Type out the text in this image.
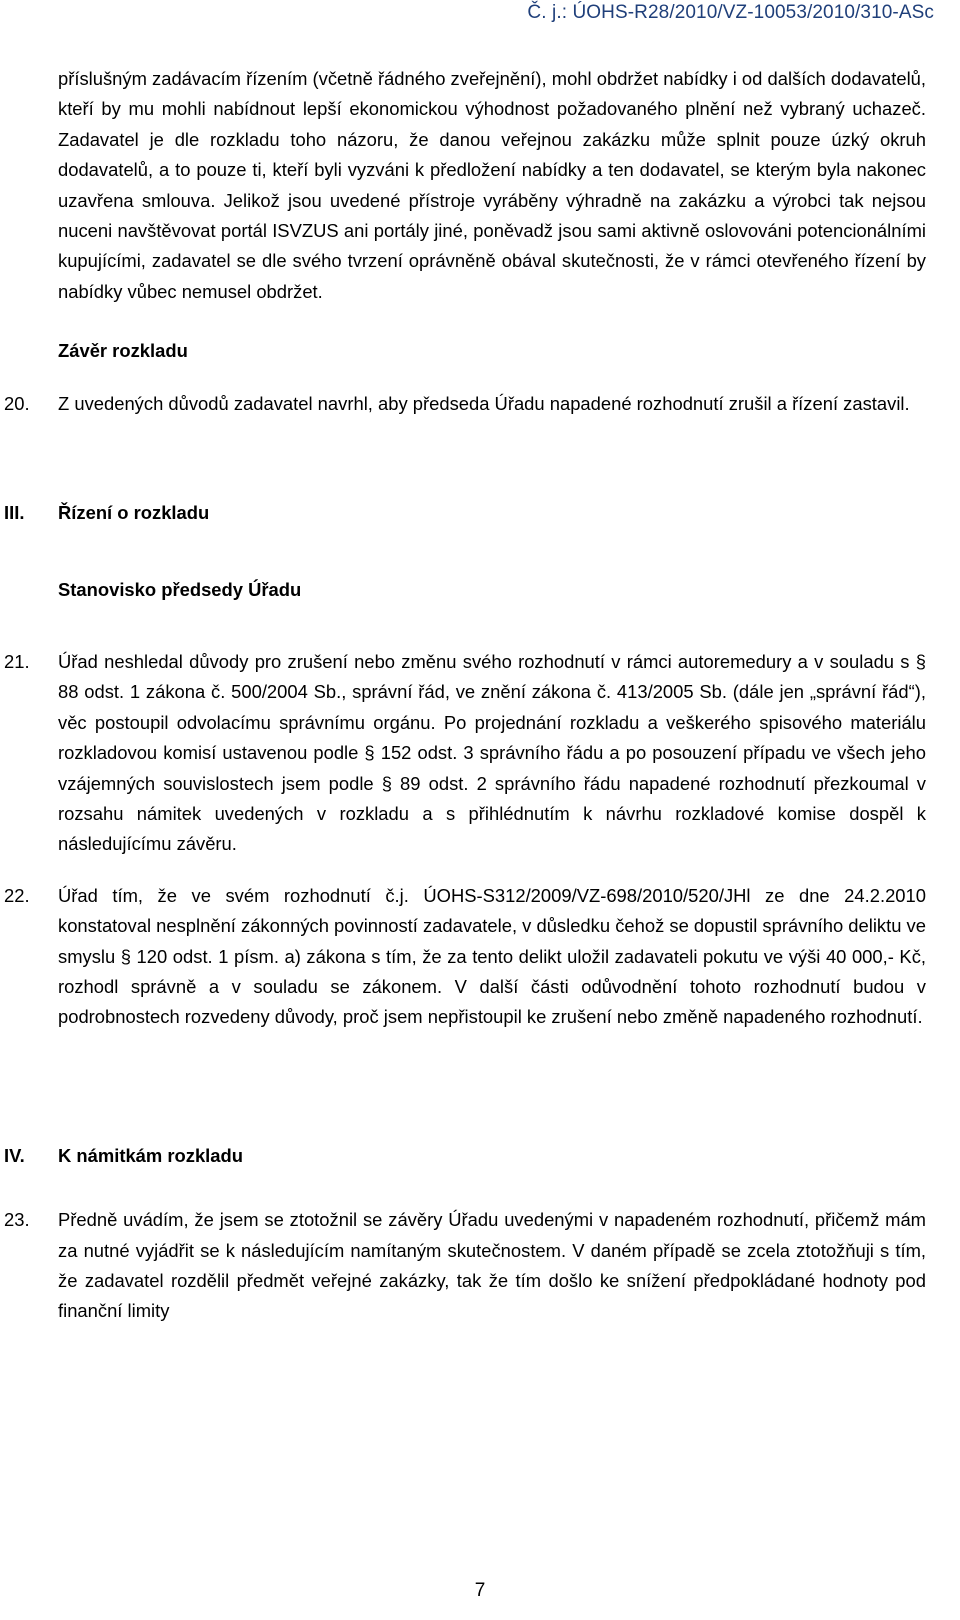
Č. j.: ÚOHS-R28/2010/VZ-10053/2010/310-ASc

příslušným zadávacím řízením (včetně řádného zveřejnění), mohl obdržet nabídky i od dalších dodavatelů, kteří by mu mohli nabídnout lepší ekonomickou výhodnost požadovaného plnění než vybraný uchazeč. Zadavatel je dle rozkladu toho názoru, že danou veřejnou zakázku může splnit pouze úzký okruh dodavatelů, a to pouze ti, kteří byli vyzváni k předložení nabídky a ten dodavatel, se kterým byla nakonec uzavřena smlouva. Jelikož jsou uvedené přístroje vyráběny výhradně na zakázku a výrobci tak nejsou nuceni navštěvovat portál ISVZUS ani portály jiné, poněvadž jsou sami aktivně oslovováni potencionálními kupujícími, zadavatel se dle svého tvrzení oprávněně obával skutečnosti, že v rámci otevřeného řízení by nabídky vůbec nemusel obdržet.

Závěr rozkladu
20. Z uvedených důvodů zadavatel navrhl, aby předseda Úřadu napadené rozhodnutí zrušil a řízení zastavil.

III. Řízení o rozkladu
Stanovisko předsedy Úřadu
21. Úřad neshledal důvody pro zrušení nebo změnu svého rozhodnutí v rámci autoremedury a v souladu s § 88 odst. 1 zákona č. 500/2004 Sb., správní řád, ve znění zákona č. 413/2005 Sb. (dále jen „správní řád“), věc postoupil odvolacímu správnímu orgánu. Po projednání rozkladu a veškerého spisového materiálu rozkladovou komisí ustavenou podle § 152 odst. 3 správního řádu a po posouzení případu ve všech jeho vzájemných souvislostech jsem podle § 89 odst. 2 správního řádu napadené rozhodnutí přezkoumal v rozsahu námitek uvedených v rozkladu a s přihlédnutím k návrhu rozkladové komise dospěl k následujícímu závěru.

22. Úřad tím, že ve svém rozhodnutí č.j. ÚOHS-S312/2009/VZ-698/2010/520/JHl ze dne 24.2.2010 konstatoval nesplnění zákonných povinností zadavatele, v důsledku čehož se dopustil správního deliktu ve smyslu § 120 odst. 1 písm. a) zákona s tím, že za tento delikt uložil zadavateli pokutu ve výši 40 000,- Kč, rozhodl správně a v souladu se zákonem. V další části odůvodnění tohoto rozhodnutí budou v podrobnostech rozvedeny důvody, proč jsem nepřistoupil ke zrušení nebo změně napadeného rozhodnutí.

IV. K námitkám rozkladu
23. Předně uvádím, že jsem se ztotožnil se závěry Úřadu uvedenými v napadeném rozhodnutí, přičemž mám za nutné vyjádřit se k následujícím namítaným skutečnostem. V daném případě se zcela ztotožňuji s tím, že zadavatel rozdělil předmět veřejné zakázky, tak že tím došlo ke snížení předpokládané hodnoty pod finanční limity

7
